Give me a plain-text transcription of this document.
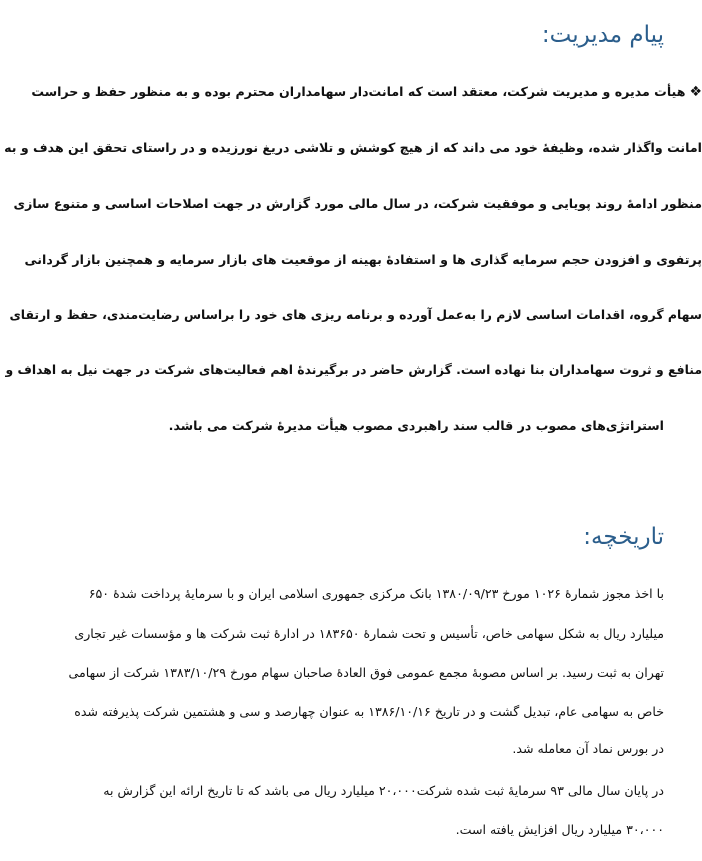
پیام مدیریت:
❖هیأت مدیره و مدیریت شرکت، معتقد است که امانت‌دار سهامداران محترم بوده و به منظور حفظ و حراست
امانت واگذار شده، وظیفهٔ خود می داند که از هیچ کوشش و تلاشی دریغ نورزیده و در راستای تحقق این هدف و به
منظور ادامهٔ روند پویایی و موفقیت شرکت، در سال مالی مورد گزارش در جهت اصلاحات اساسی و متنوع سازی
پرتفوی و افزودن حجم سرمایه گذاری ها و استفادهٔ بهینه از موقعیت های بازار سرمایه و همچنین بازار گردانی
سهام گروه، اقدامات اساسی لازم را به‌عمل آورده و برنامه ریزی های خود را براساس رضایت‌مندی، حفظ و ارتقای
منافع و ثروت سهامداران بنا نهاده است. گزارش حاضر در برگیرندهٔ اهم فعالیت‌های شرکت در جهت نیل به اهداف و
استراتژی‌های مصوب در قالب سند راهبردی مصوب هیأت مدیرهٔ شرکت می باشد.
تاریخچه:
با اخذ مجوز شمارهٔ ۱۰۲۶ مورخ ۱۳۸۰/۰۹/۲۳ بانک مرکزی جمهوری اسلامی ایران و با سرمایهٔ پرداخت شدهٔ ۶۵۰
میلیارد ریال به شکل سهامی خاص، تأسیس و تحت شمارهٔ ۱۸۳۶۵۰ در ادارهٔ ثبت شرکت ها و مؤسسات غیر تجاری
تهران به ثبت رسید. بر اساس مصوبهٔ مجمع عمومی فوق العادهٔ صاحبان سهام مورخ ۱۳۸۳/۱۰/۲۹ شرکت از سهامی
خاص به سهامی عام، تبدیل گشت و در تاریخ ۱۳۸۶/۱۰/۱۶ به عنوان چهارصد و سی و هشتمین شرکت پذیرفته شده
در بورس نماد آن معامله شد.
در پایان سال مالی ۹۳ سرمایهٔ ثبت شده شرکت۲۰،۰۰۰ میلیارد ریال می باشد که تا تاریخ ارائه این گزارش به
۳۰،۰۰۰ میلیارد ریال افزایش یافته است.
